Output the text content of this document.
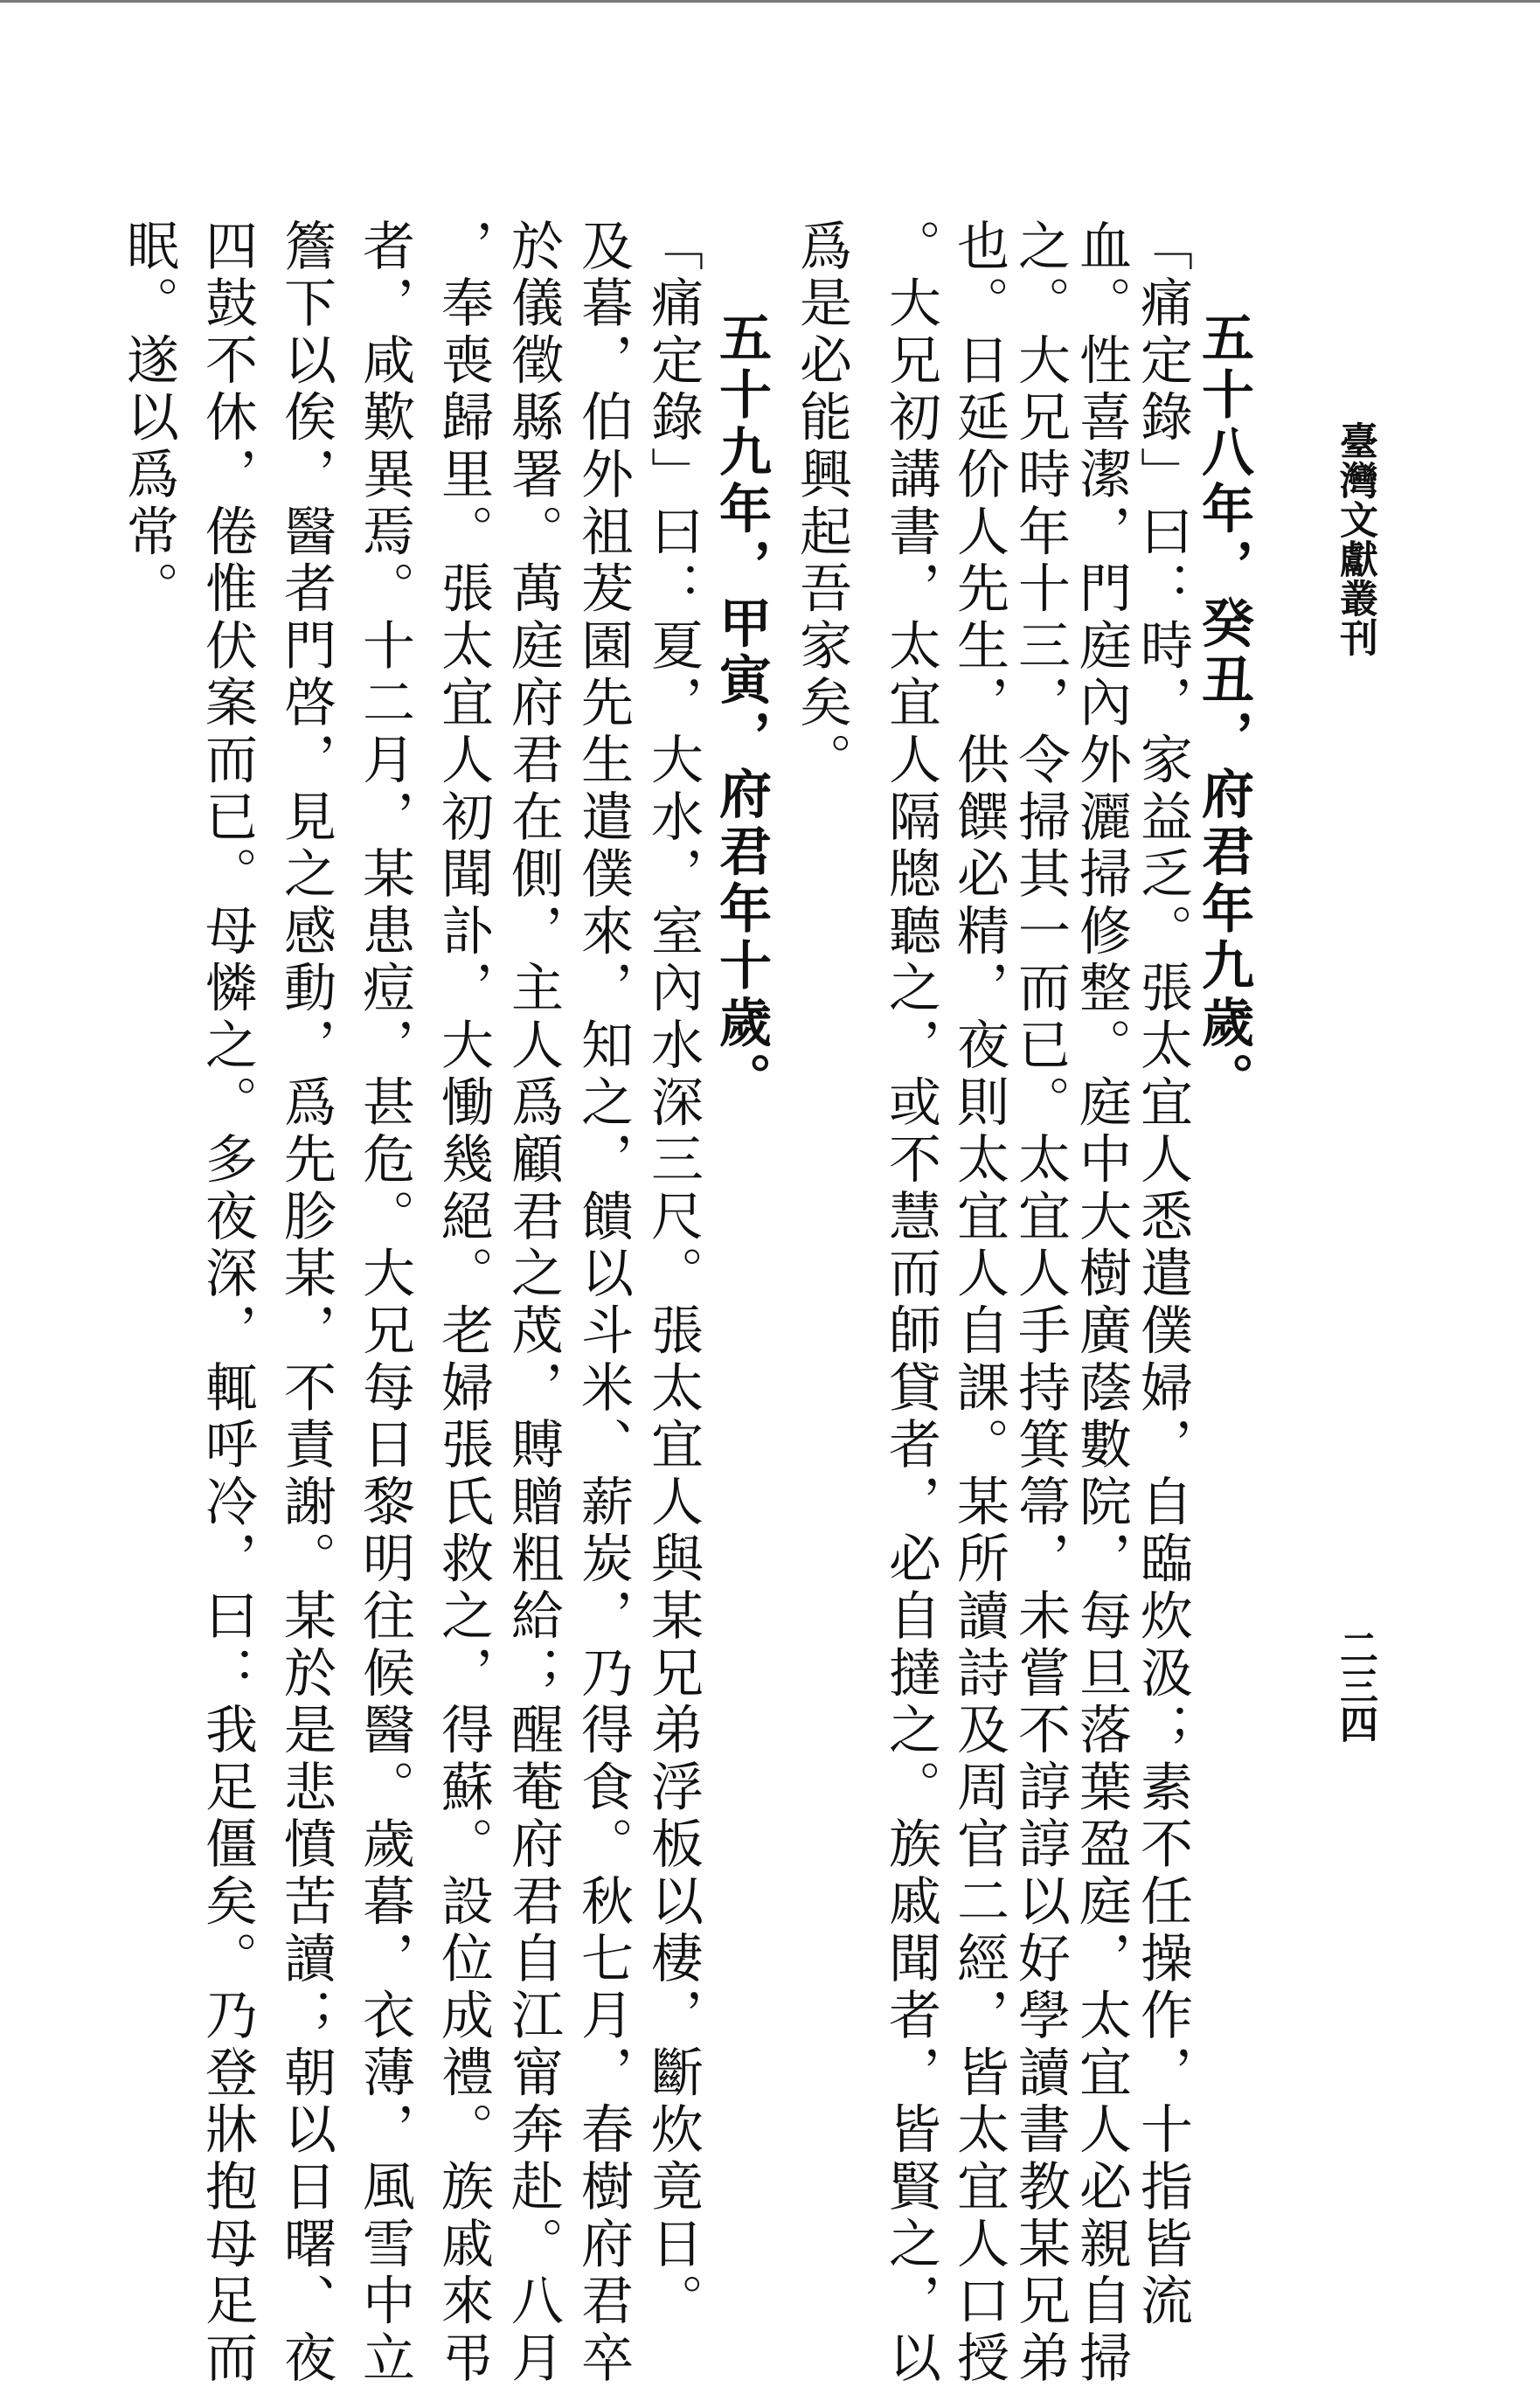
臺灣文獻叢刊
二三四
五十八年，癸丑，府君年九歲。
「痛定錄」曰：時，家益乏。張太宜人悉遣僕婦，自臨炊汲；素不任操作，十指皆流
血。性喜潔，門庭內外灑掃修整。庭中大樹廣蔭數院，每旦落葉盈庭，太宜人必親自掃
之。大兄時年十三，令掃其一而已。太宜人手持箕箒，未嘗不諄諄以好學讀書教某兄弟
也。日延价人先生，供饌必精，夜則太宜人自課。某所讀詩及周官二經，皆太宜人口授
。大兄初講書，太宜人隔牕聽之，或不慧而師貸者，必自撻之。族戚聞者，皆賢之，以
爲是必能興起吾家矣。
五十九年，甲寅，府君年十歲。
「痛定錄」曰：夏，大水，室內水深三尺。張太宜人與某兄弟浮板以棲，斷炊竟日。
及暮，伯外祖茇園先生遣僕來，知之，饋以斗米、薪炭，乃得食。秋七月，春樹府君卒
於儀徵縣署。萬庭府君在側，主人爲顧君之荗，賻贈粗給；醒菴府君自江甯奔赴。八月
，奉喪歸里。張太宜人初聞訃，大慟幾絕。老婦張氏救之，得蘇。設位成禮。族戚來弔
者，咸歎異焉。十二月，某患痘，甚危。大兄每日黎明往候醫。歲暮，衣薄，風雪中立
簷下以俟，醫者門啓，見之感動，爲先胗某，不責謝。某於是悲憤苦讀；朝以日曙、夜
四鼓不休，倦惟伏案而已。母憐之。多夜深，輒呼冷，曰：我足僵矣。乃登牀抱母足而
眠。遂以爲常。
